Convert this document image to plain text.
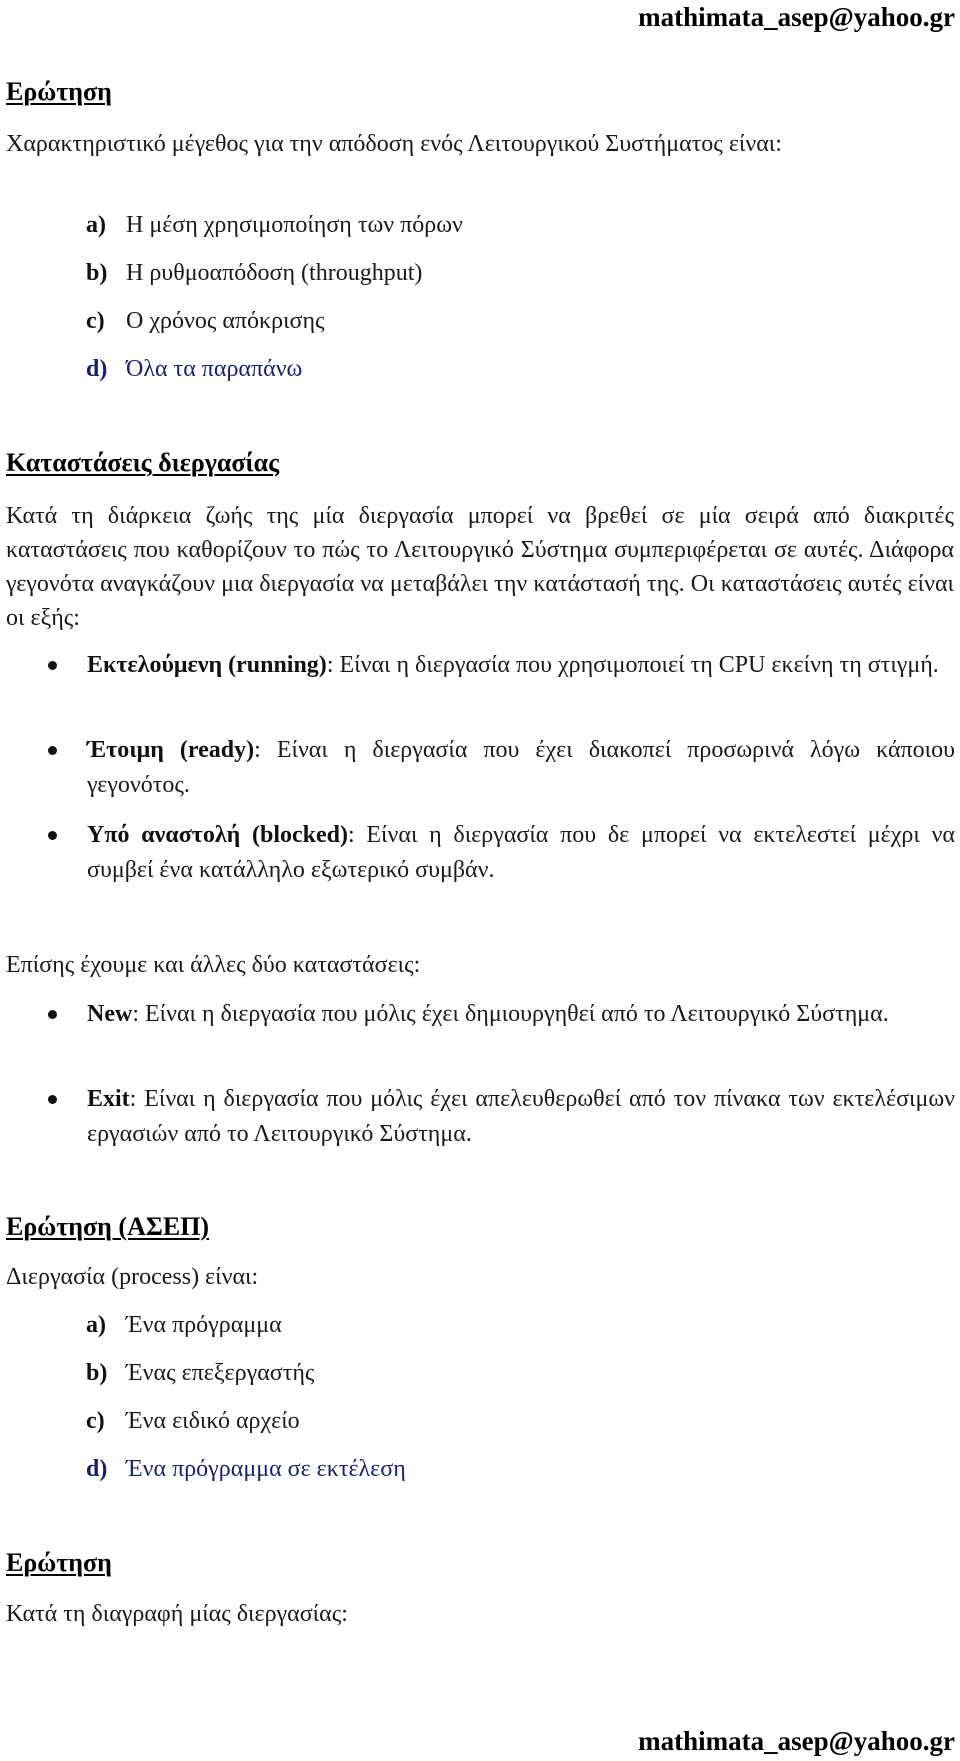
mathimata_asep@yahoo.gr
Ερώτηση

Χαρακτηριστικό μέγεθος για την απόδοση ενός Λειτουργικού Συστήματος είναι:

a) Η μέση χρησιμοποίηση των πόρων
b) Η ρυθμοαπόδοση (throughput)
c) Ο χρόνος απόκρισης
d) Όλα τα παραπάνω
Καταστάσεις διεργασίας

Κατά τη διάρκεια ζωής της μία διεργασία μπορεί να βρεθεί σε μία σειρά από διακριτές καταστάσεις που καθορίζουν το πώς το Λειτουργικό Σύστημα συμπεριφέρεται σε αυτές. Διάφορα γεγονότα αναγκάζουν μια διεργασία να μεταβάλει την κατάστασή της. Οι καταστάσεις αυτές είναι οι εξής:

Εκτελούμενη (running): Είναι η διεργασία που χρησιμοποιεί τη CPU εκείνη τη στιγμή.
Έτοιμη (ready): Είναι η διεργασία που έχει διακοπεί προσωρινά λόγω κάποιου γεγονότος.
Υπό αναστολή (blocked): Είναι η διεργασία που δε μπορεί να εκτελεστεί μέχρι να συμβεί ένα κατάλληλο εξωτερικό συμβάν.

Επίσης έχουμε και άλλες δύο καταστάσεις:

New: Είναι η διεργασία που μόλις έχει δημιουργηθεί από το Λειτουργικό Σύστημα.
Exit: Είναι η διεργασία που μόλις έχει απελευθερωθεί από τον πίνακα των εκτελέσιμων εργασιών από το Λειτουργικό Σύστημα.
Ερώτηση (ΑΣΕΠ)

Διεργασία (process) είναι:

a) Ένα πρόγραμμα
b) Ένας επεξεργαστής
c) Ένα ειδικό αρχείο
d) Ένα πρόγραμμα σε εκτέλεση
Ερώτηση

Κατά τη διαγραφή μίας διεργασίας:

mathimata_asep@yahoo.gr
